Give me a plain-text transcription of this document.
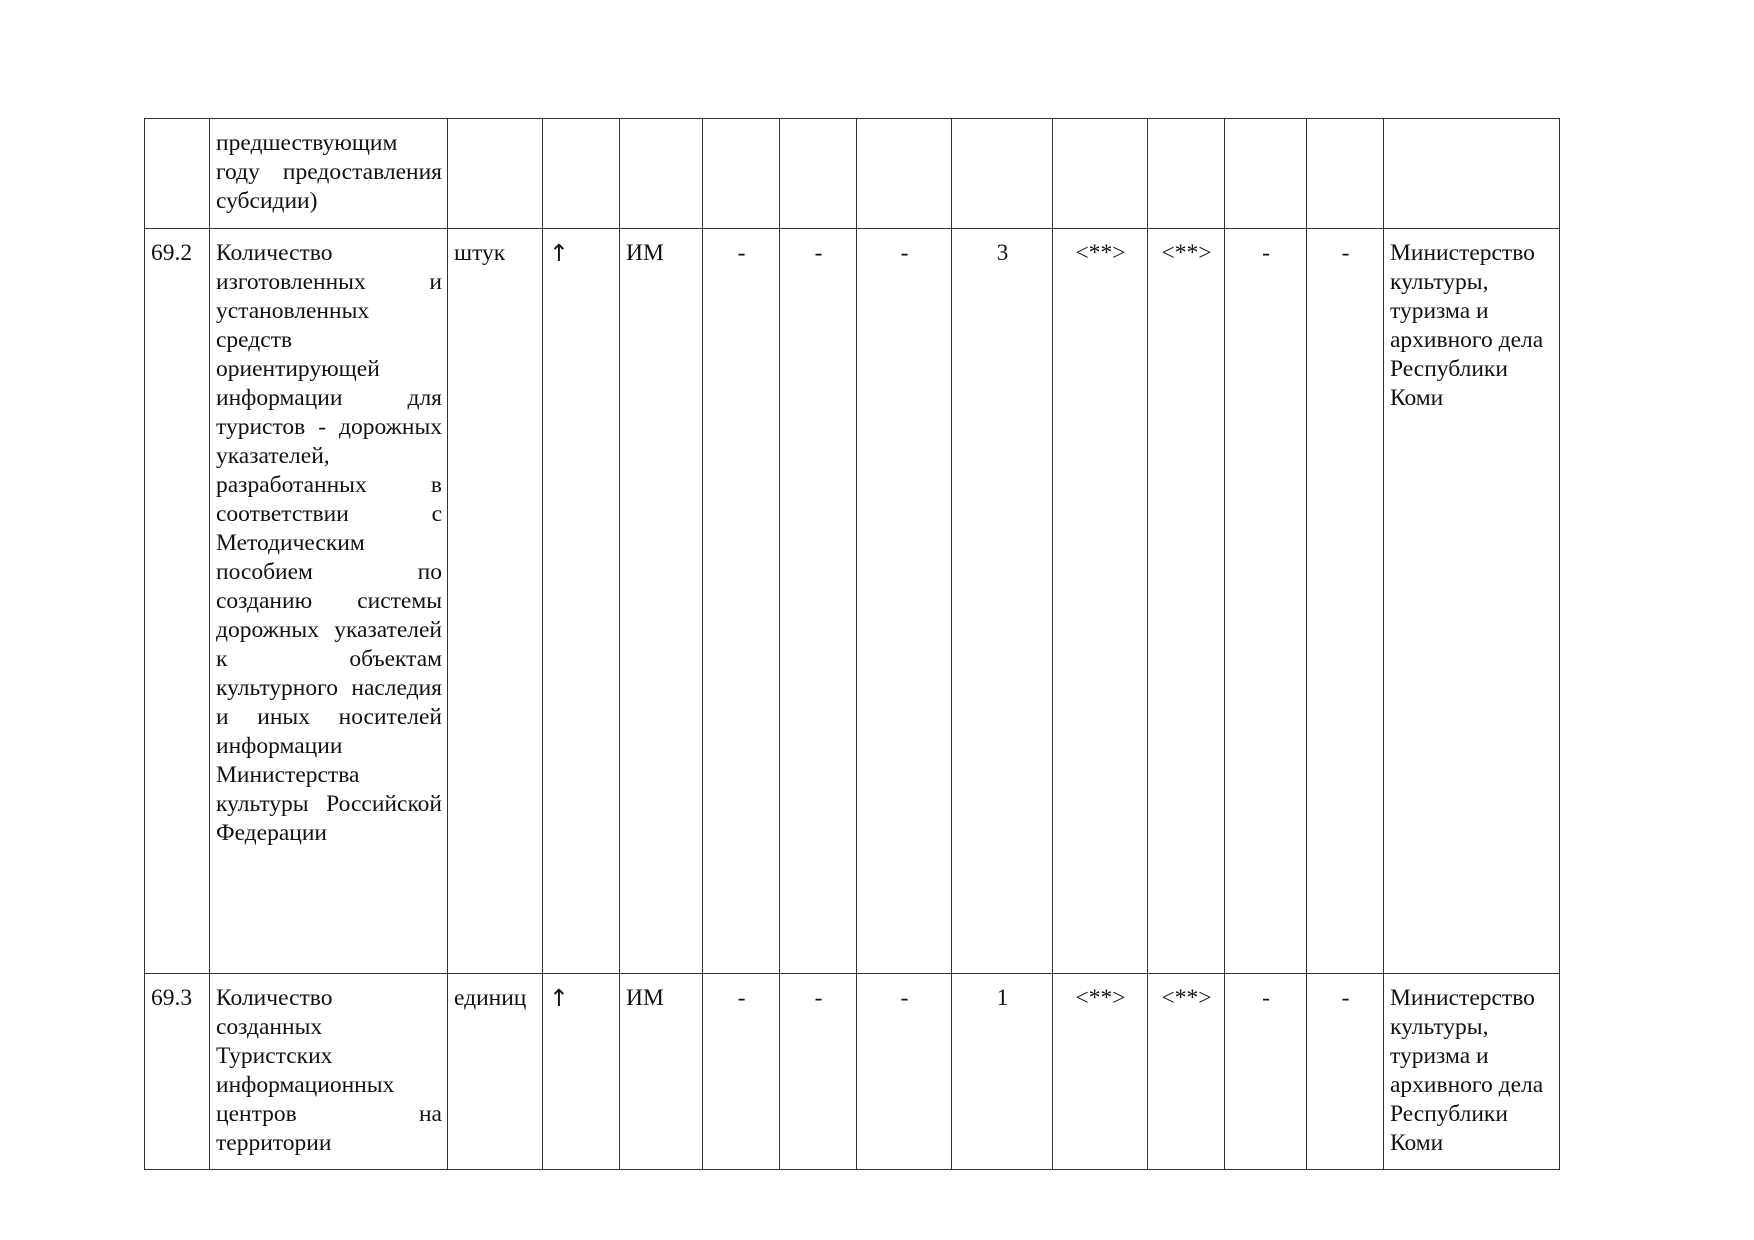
	предшествующим году предоставления субсидии)												
69.2	Количество изготовленных и установленных средств ориентирующей информации для туристов - дорожных указателей, разработанных в соответствии с Методическим пособием по созданию системы дорожных указателей к объектам культурного наследия и иных носителей информации Министерства культуры Российской Федерации	штук	↑	ИМ	-	-	-	3	<**>	<**>	-	-	Министерство культуры, туризма и архивного дела Республики Коми
69.3	Количество созданных Туристских информационных центров на территории	единиц	↑	ИМ	-	-	-	1	<**>	<**>	-	-	Министерство культуры, туризма и архивного дела Республики Коми
